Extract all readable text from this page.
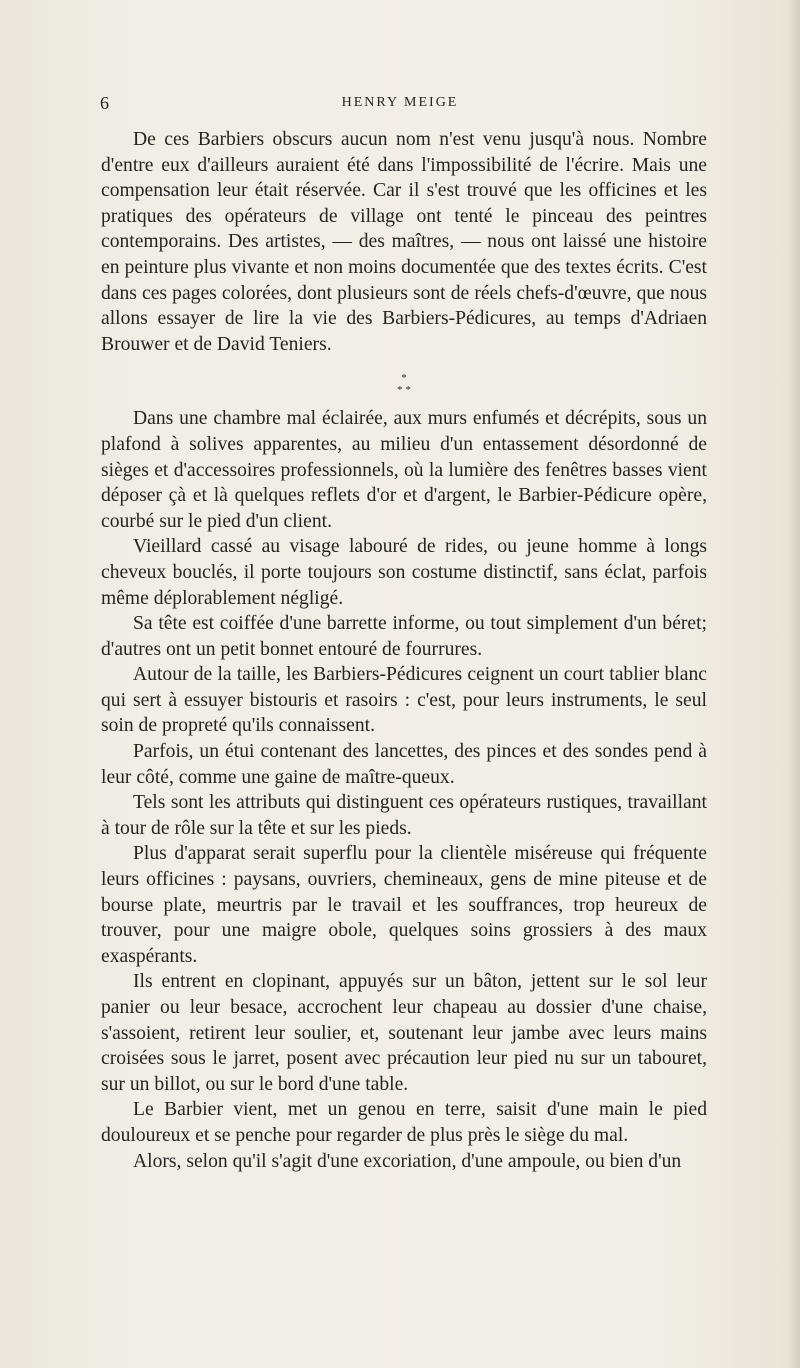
6	HENRY MEIGE

De ces Barbiers obscurs aucun nom n'est venu jusqu'à nous. Nombre d'entre eux d'ailleurs auraient été dans l'impossibilité de l'écrire. Mais une compensation leur était réservée. Car il s'est trouvé que les officines et les pratiques des opérateurs de village ont tenté le pinceau des peintres contemporains. Des artistes, — des maîtres, — nous ont laissé une histoire en peinture plus vivante et non moins documentée que des textes écrits. C'est dans ces pages colorées, dont plusieurs sont de réels chefs-d'œuvre, que nous allons essayer de lire la vie des Barbiers-Pédicures, au temps d'Adriaen Brouwer et de David Teniers.

*
* *

Dans une chambre mal éclairée, aux murs enfumés et décrépits, sous un plafond à solives apparentes, au milieu d'un entassement désordonné de sièges et d'accessoires professionnels, où la lumière des fenêtres basses vient déposer çà et là quelques reflets d'or et d'argent, le Barbier-Pédicure opère, courbé sur le pied d'un client.

Vieillard cassé au visage labouré de rides, ou jeune homme à longs cheveux bouclés, il porte toujours son costume distinctif, sans éclat, parfois même déplorablement négligé.

Sa tête est coiffée d'une barrette informe, ou tout simplement d'un béret; d'autres ont un petit bonnet entouré de fourrures.

Autour de la taille, les Barbiers-Pédicures ceignent un court tablier blanc qui sert à essuyer bistouris et rasoirs : c'est, pour leurs instruments, le seul soin de propreté qu'ils connaissent.

Parfois, un étui contenant des lancettes, des pinces et des sondes pend à leur côté, comme une gaine de maître-queux.

Tels sont les attributs qui distinguent ces opérateurs rustiques, travaillant à tour de rôle sur la tête et sur les pieds.

Plus d'apparat serait superflu pour la clientèle miséreuse qui fréquente leurs officines : paysans, ouvriers, chemineaux, gens de mine piteuse et de bourse plate, meurtris par le travail et les souffrances, trop heureux de trouver, pour une maigre obole, quelques soins grossiers à des maux exaspérants.

Ils entrent en clopinant, appuyés sur un bâton, jettent sur le sol leur panier ou leur besace, accrochent leur chapeau au dossier d'une chaise, s'assoient, retirent leur soulier, et, soutenant leur jambe avec leurs mains croisées sous le jarret, posent avec précaution leur pied nu sur un tabouret, sur un billot, ou sur le bord d'une table.

Le Barbier vient, met un genou en terre, saisit d'une main le pied douloureux et se penche pour regarder de plus près le siège du mal.

Alors, selon qu'il s'agit d'une excoriation, d'une ampoule, ou bien d'un
